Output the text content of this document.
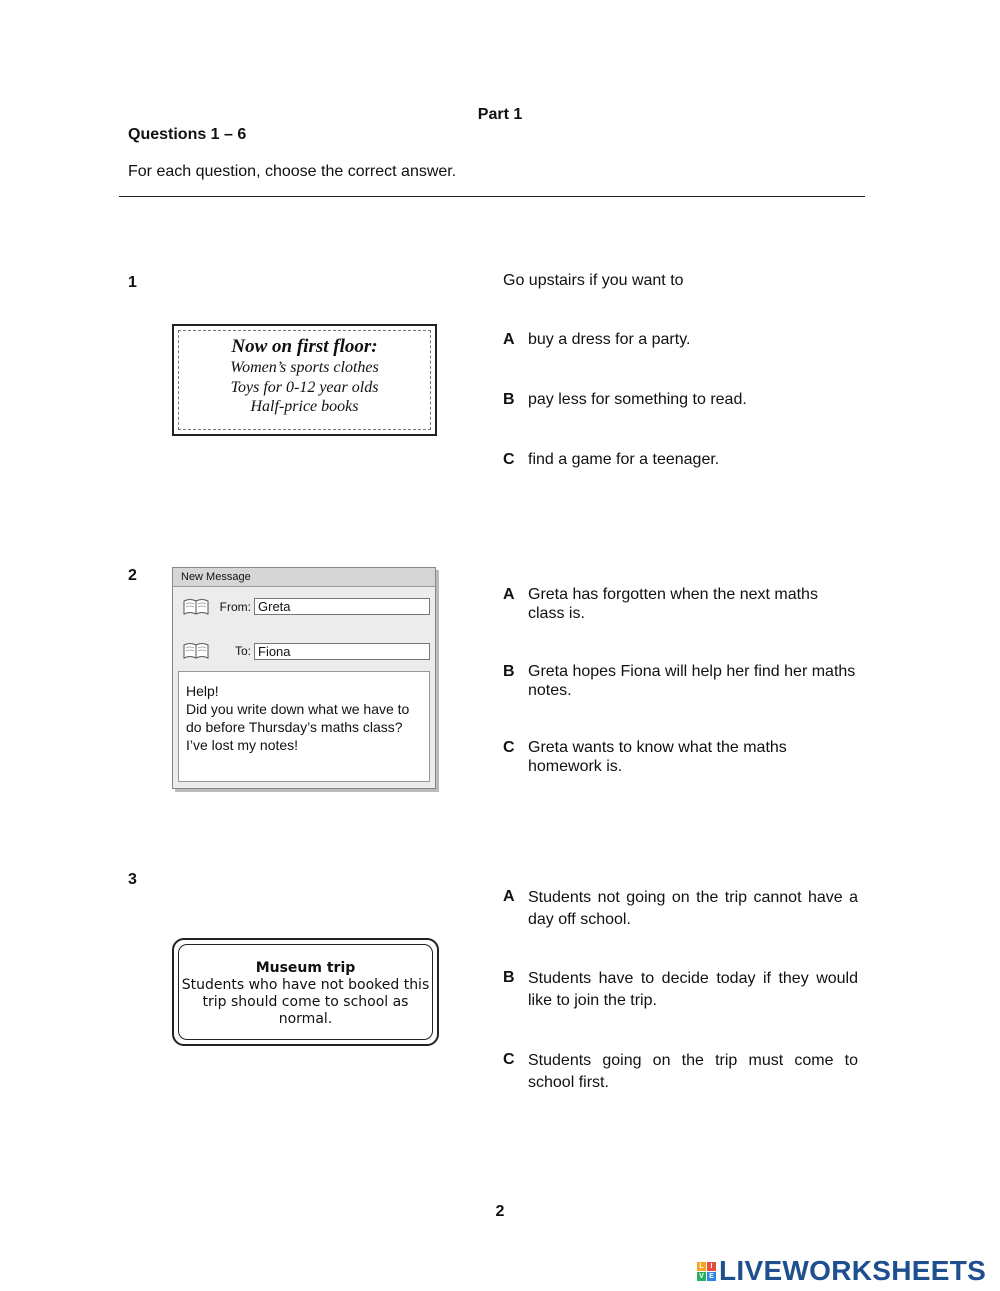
Part 1
Questions 1 – 6
For each question, choose the correct answer.
1	Go upstairs if you want to
Now on first floor:
Women’s sports clothes
Toys for 0-12 year olds
Half-price books
A buy a dress for a party.
B pay less for something to read.
C find a game for a teenager.
2	New Message
From: Greta
To: Fiona
Help!
Did you write down what we have to
do before Thursday’s maths class?
I’ve lost my notes!
A Greta has forgotten when the next maths class is.
B Greta hopes Fiona will help her find her maths notes.
C Greta wants to know what the maths homework is.
3
Museum trip
Students who have not booked this
trip should come to school as
normal.
A Students not going on the trip cannot have a day off school.
B Students have to decide today if they would like to join the trip.
C Students going on the trip must come to school first.
2
L I
V E LIVEWORKSHEETS
